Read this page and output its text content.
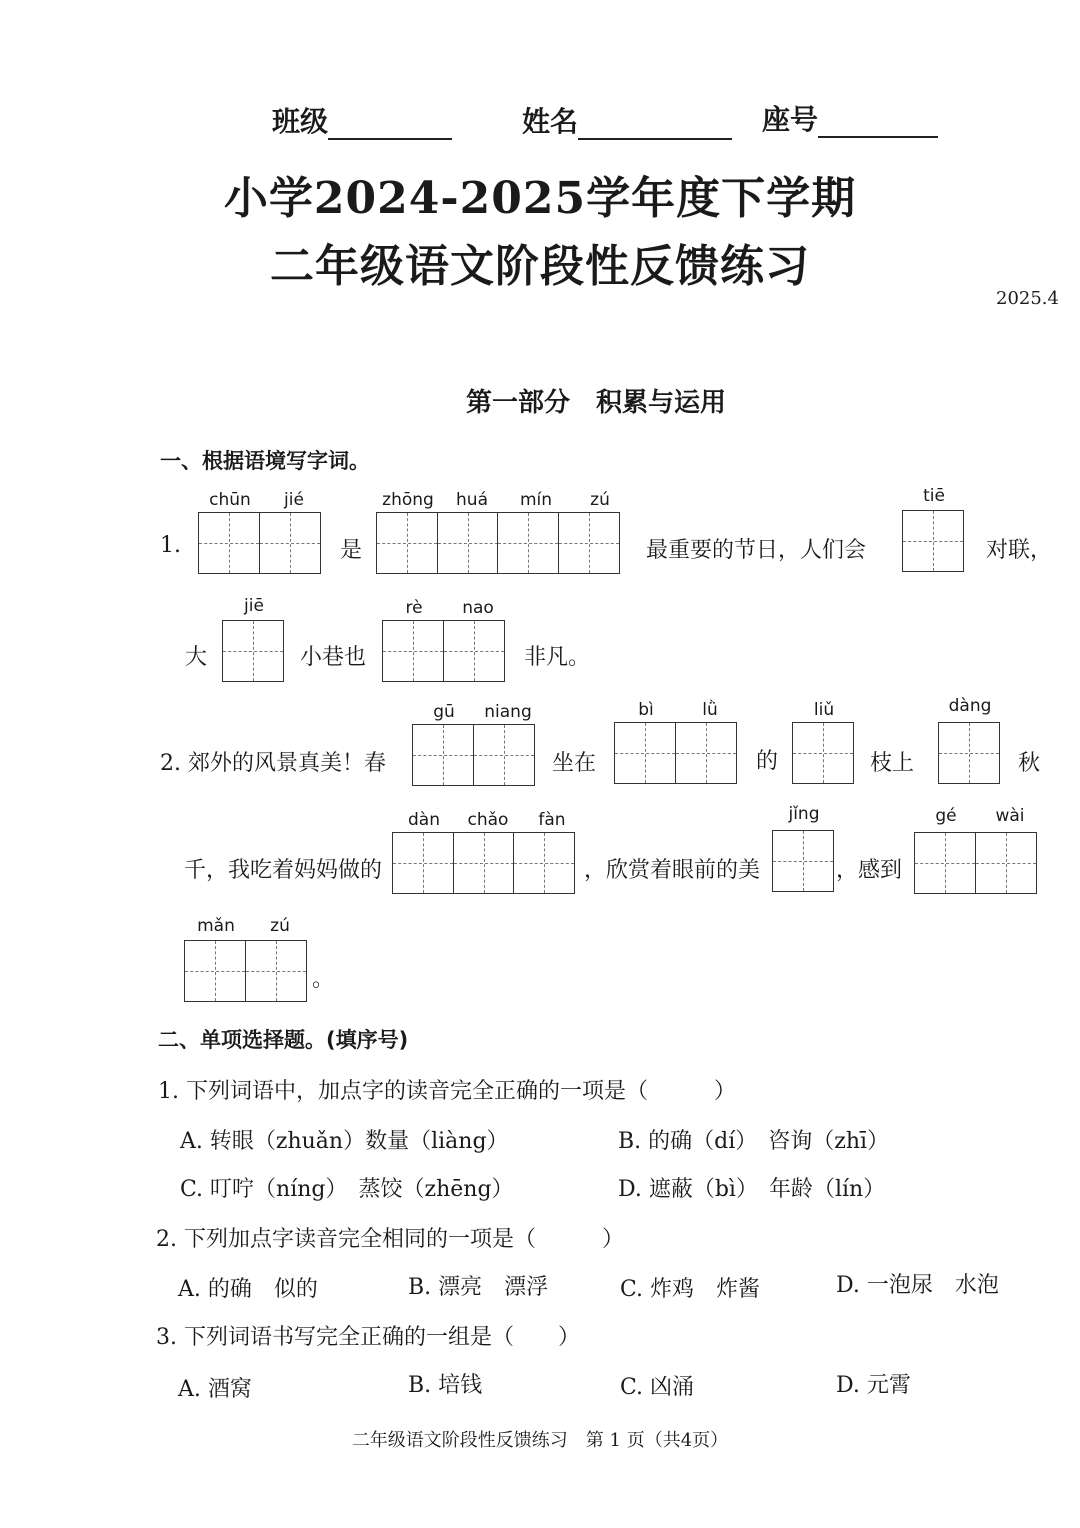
班级	姓名	座号
小学2024-2025学年度下学期
二年级语文阶段性反馈练习
2025.4
第一部分　积累与运用
一、根据语境写字词。
1.
chūn	jié
是
zhōng	huá	mín	zú
最重要的节日，人们会
tiē
对联，
大
jiē
小巷也
rè	nao
非凡。
2. 郊外的风景真美！春
gū	niang
坐在
bì	lǜ
的
liǔ
枝上
dàng
秋
千，我吃着妈妈做的
dàn	chǎo	fàn
，欣赏着眼前的美
jǐng
，感到
gé	wài
mǎn	zú
。
二、单项选择题。(填序号)
1. 下列词语中，加点字的读音完全正确的一项是（　　　）
A. 转眼（zhuǎn）数量（liàng）	B. 的确（dí）　咨询（zhī）
C. 叮咛（níng）　蒸饺（zhēng）	D. 遮蔽（bì）　年龄（lín）
2. 下列加点字读音完全相同的一项是（　　　）
A. 的确　似的	B. 漂亮　漂浮	C. 炸鸡　炸酱	D. 一泡尿　水泡
3. 下列词语书写完全正确的一组是（　　）
A. 酒窝	B. 培钱	C. 凶涌	D. 元霄
二年级语文阶段性反馈练习　第 1 页（共4页）
